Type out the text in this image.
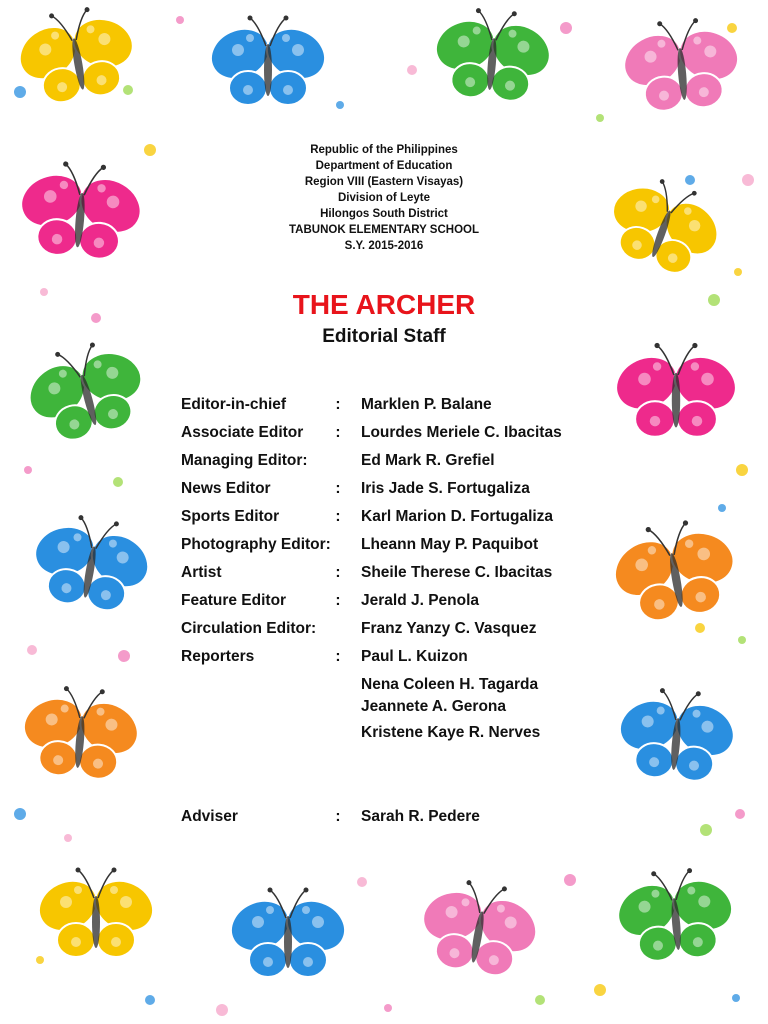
Republic of the Philippines
Department of Education
Region VIII (Eastern Visayas)
Division of Leyte
Hilongos South District
TABUNOK ELEMENTARY SCHOOL
S.Y. 2015-2016
THE ARCHER
Editorial Staff
Editor-in-chief	:	Marklen P. Balane
Associate Editor	:	Lourdes Meriele C. Ibacitas
Managing Editor:	Ed Mark R. Grefiel
News Editor	:	Iris Jade S. Fortugaliza
Sports Editor	:	Karl Marion D. Fortugaliza
Photography Editor: Lheann May P. Paquibot
Artist	:	Sheile Therese C. Ibacitas
Feature Editor	:	Jerald J. Penola
Circulation Editor:	Franz Yanzy C. Vasquez
Reporters	:	Paul L. Kuizon
Nena Coleen H. Tagarda
Jeannete A. Gerona
Kristene Kaye R. Nerves
Adviser	:	Sarah R. Pedere
